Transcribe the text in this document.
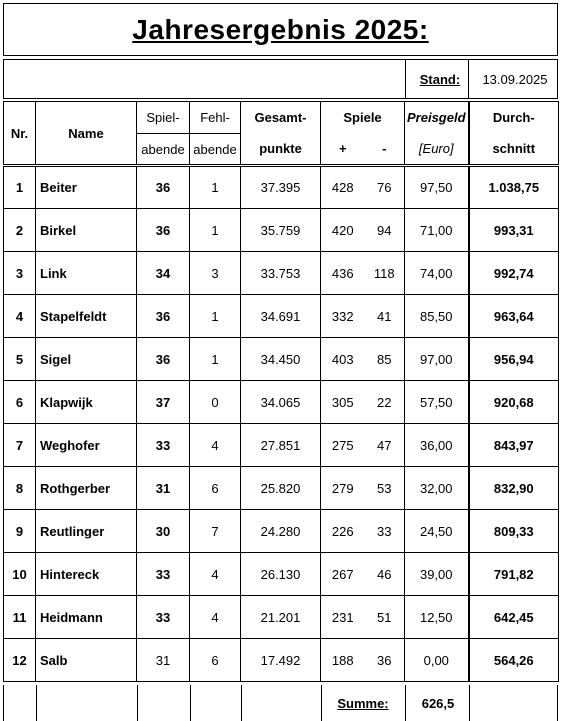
Jahresergebnis 2025:
Stand:	13.09.2025
Nr.	Name	Spiel-	Fehl-	Gesamt-	Spiele		Preisgeld	Durch-
		abende	abende	punkte	+	-	[Euro]	schnitt
1	Beiter	36	1	37.395	428	76	97,50	1.038,75
2	Birkel	36	1	35.759	420	94	71,00	993,31
3	Link	34	3	33.753	436	118	74,00	992,74
4	Stapelfeldt	36	1	34.691	332	41	85,50	963,64
5	Sigel	36	1	34.450	403	85	97,00	956,94
6	Klapwijk	37	0	34.065	305	22	57,50	920,68
7	Weghofer	33	4	27.851	275	47	36,00	843,97
8	Rothgerber	31	6	25.820	279	53	32,00	832,90
9	Reutlinger	30	7	24.280	226	33	24,50	809,33
10	Hintereck	33	4	26.130	267	46	39,00	791,82
11	Heidmann	33	4	21.201	231	51	12,50	642,45
12	Salb	31	6	17.492	188	36	0,00	564,26
Summe:	626,5
